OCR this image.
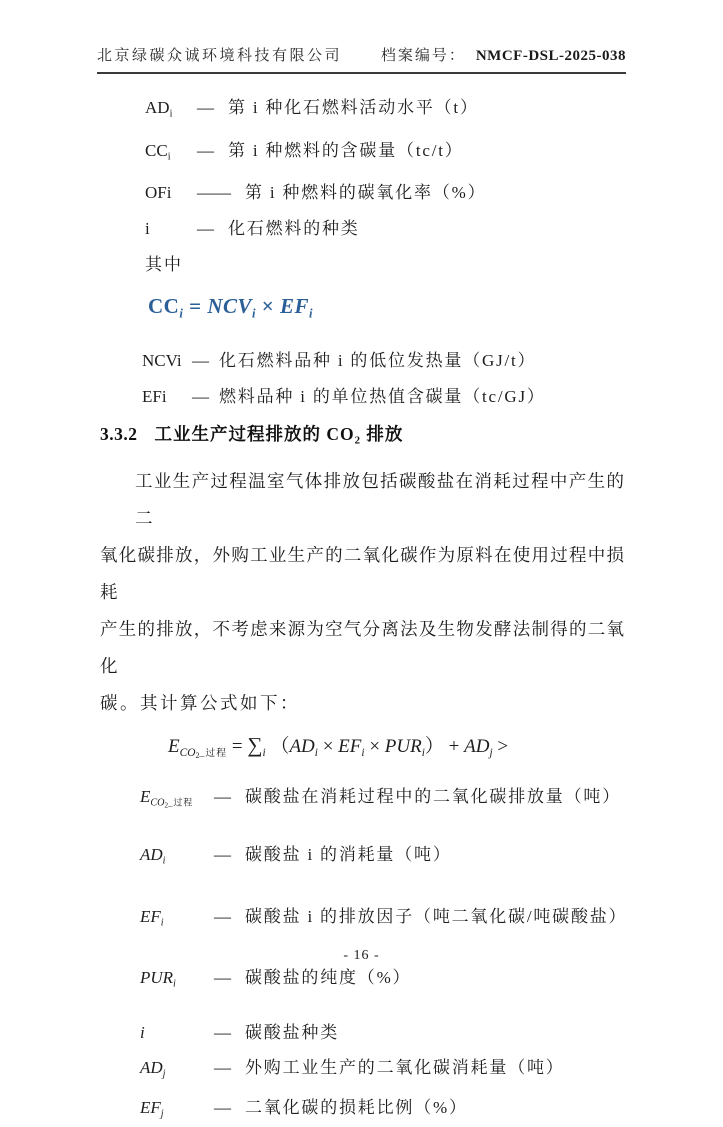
北京绿碳众诚环境科技有限公司	档案编号： NMCF-DSL-2025-038
$AD_i$	— 第 i 种化石燃料活动水平（t）
$CC_i$	— 第 i 种燃料的含碳量（tc/t）
OFi	—— 第 i 种燃料的碳氧化率（%）
i	— 化石燃料的种类
其中
$CC_i = NCV_i \times EF_i$
NCVi — 化石燃料品种 i 的低位发热量（GJ/t）
EFi	— 燃料品种 i 的单位热值含碳量（tc/GJ）
3.3.2 工业生产过程排放的 $CO_2$ 排放
工业生产过程温室气体排放包括碳酸盐在消耗过程中产生的二
氧化碳排放，外购工业生产的二氧化碳作为原料在使用过程中损耗
产生的排放，不考虑来源为空气分离法及生物发酵法制得的二氧化
碳。其计算公式如下：
$E_{CO2\_过程} = \sum_i$ $(AD_i \times EF_i \times PUR_i) + AD_j$ >
$E_{CO2\_过程}$	— 碳酸盐在消耗过程中的二氧化碳排放量（吨）
$AD_i$	— 碳酸盐 i 的消耗量（吨）
$EF_i$	— 碳酸盐 i 的排放因子（吨二氧化碳/吨碳酸盐）
$PUR_i$	— 碳酸盐的纯度（%）
i	— 碳酸盐种类
$AD_j$	— 外购工业生产的二氧化碳消耗量（吨）
$EF_j$	— 二氧化碳的损耗比例（%）
- 16 -
